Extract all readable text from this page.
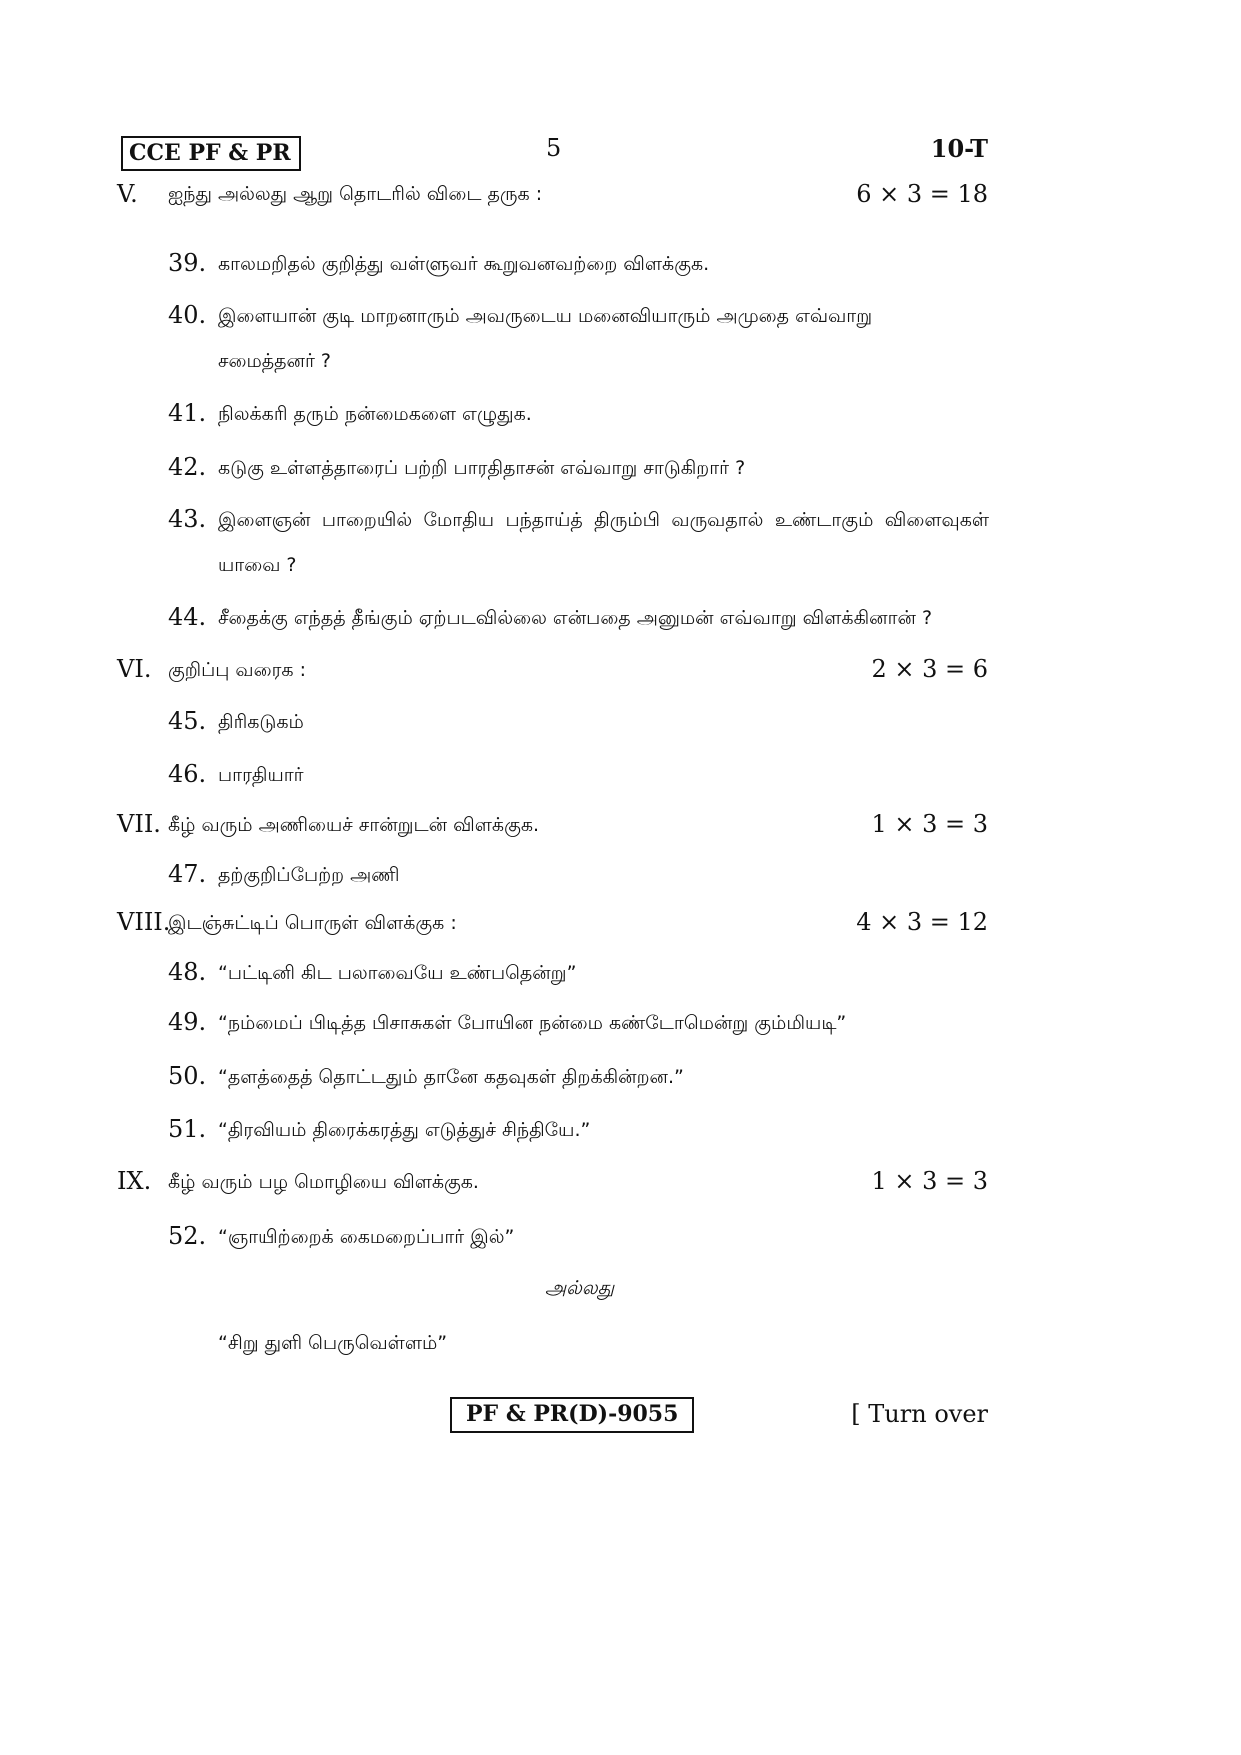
CCE PF & PR	5	10-T
V. ஐந்து அல்லது ஆறு தொடரில் விடை தருக :	6 × 3 = 18
39. காலமறிதல் குறித்து வள்ளுவர் கூறுவனவற்றை விளக்குக.
40. இளையான் குடி மாறனாரும் அவருடைய மனைவியாரும் அமுதை எவ்வாறு
சமைத்தனர் ?
41. நிலக்கரி தரும் நன்மைகளை எழுதுக.
42. கடுகு உள்ளத்தாரைப் பற்றி பாரதிதாசன் எவ்வாறு சாடுகிறார் ?
43. இளைஞன் பாறையில் மோதிய பந்தாய்த் திரும்பி வருவதால் உண்டாகும் விளைவுகள்
யாவை ?
44. சீதைக்கு எந்தத் தீங்கும் ஏற்படவில்லை என்பதை அனுமன் எவ்வாறு விளக்கினான் ?
VI. குறிப்பு வரைக :	2 × 3 = 6
45. திரிகடுகம்
46. பாரதியார்
VII. கீழ் வரும் அணியைச் சான்றுடன் விளக்குக.	1 × 3 = 3
47. தற்குறிப்பேற்ற அணி
VIII.
இடஞ்சுட்டிப் பொருள் விளக்குக :	4 × 3 = 12
48. “பட்டினி கிட பலாவையே உண்பதென்று”
49. “நம்மைப் பிடித்த பிசாசுகள் போயின நன்மை கண்டோமென்று கும்மியடி”
50. “தளத்தைத் தொட்டதும் தானே கதவுகள் திறக்கின்றன.”
51. “திரவியம் திரைக்கரத்து எடுத்துச் சிந்தியே.”
IX. கீழ் வரும் பழ மொழியை விளக்குக.	1 × 3 = 3
52. “ஞாயிற்றைக் கைமறைப்பார் இல்”
அல்லது
“சிறு துளி பெருவெள்ளம்”
PF & PR(D)-9055	[ Turn over
